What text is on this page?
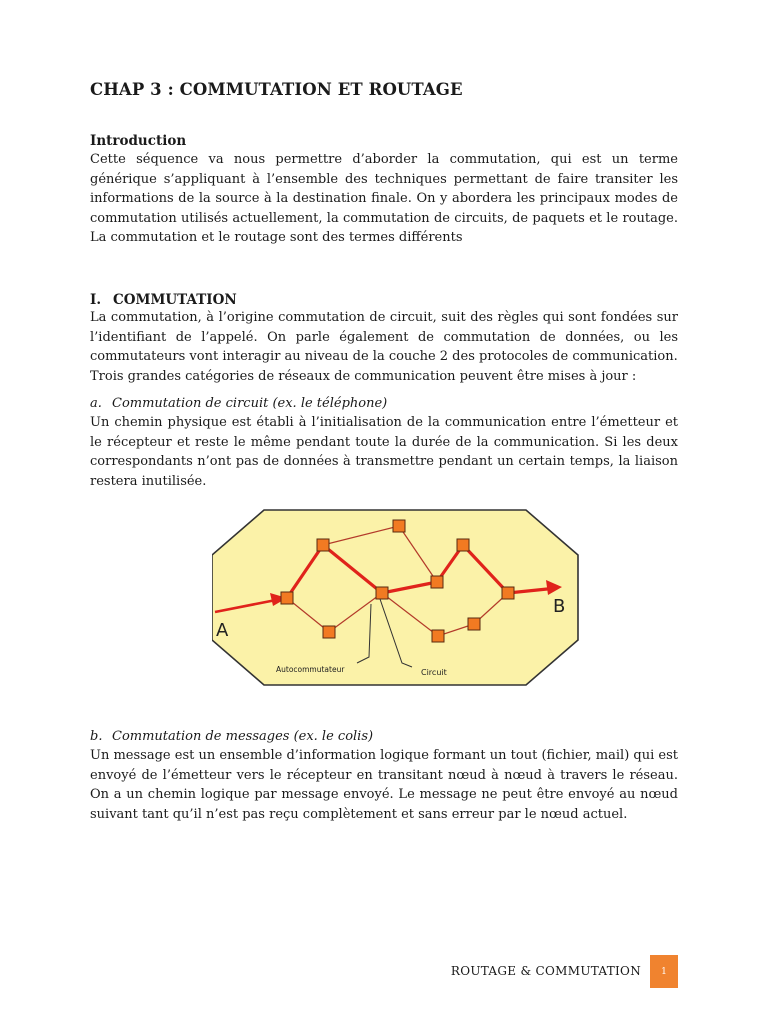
CHAP 3 : COMMUTATION ET ROUTAGE
Introduction

Cette séquence va nous permettre d’aborder la commutation, qui est un terme générique s’appliquant à l’ensemble des techniques permettant de faire transiter les informations de la source à la destination finale. On y abordera les principaux modes de commutation utilisés actuellement, la commutation de circuits, de paquets et le routage. La commutation et le routage sont des termes différents

I. COMMUTATION

La commutation, à l’origine commutation de circuit, suit des règles qui sont fondées sur l’identifiant de l’appelé. On parle également de commutation de données, ou les commutateurs vont interagir au niveau de la couche 2 des protocoles de communication.

Trois grandes catégories de réseaux de communication peuvent être mises à jour :

a. Commutation de circuit (ex. le téléphone)

Un chemin physique est établi à l’initialisation de la communication entre l’émetteur et le récepteur et reste le même pendant toute la durée de la communication. Si les deux correspondants n’ont pas de données à transmettre pendant un certain temps, la liaison restera inutilisée.

A
B
Autocommutateur	Circuit
b. Commutation de messages (ex. le colis)

Un message est un ensemble d’information logique formant un tout (fichier, mail) qui est envoyé de l’émetteur vers le récepteur en transitant nœud à nœud à travers le réseau. On a un chemin logique par message envoyé. Le message ne peut être envoyé au nœud suivant tant qu’il n’est pas reçu complètement et sans erreur par le nœud actuel.

ROUTAGE & COMMUTATION	1
